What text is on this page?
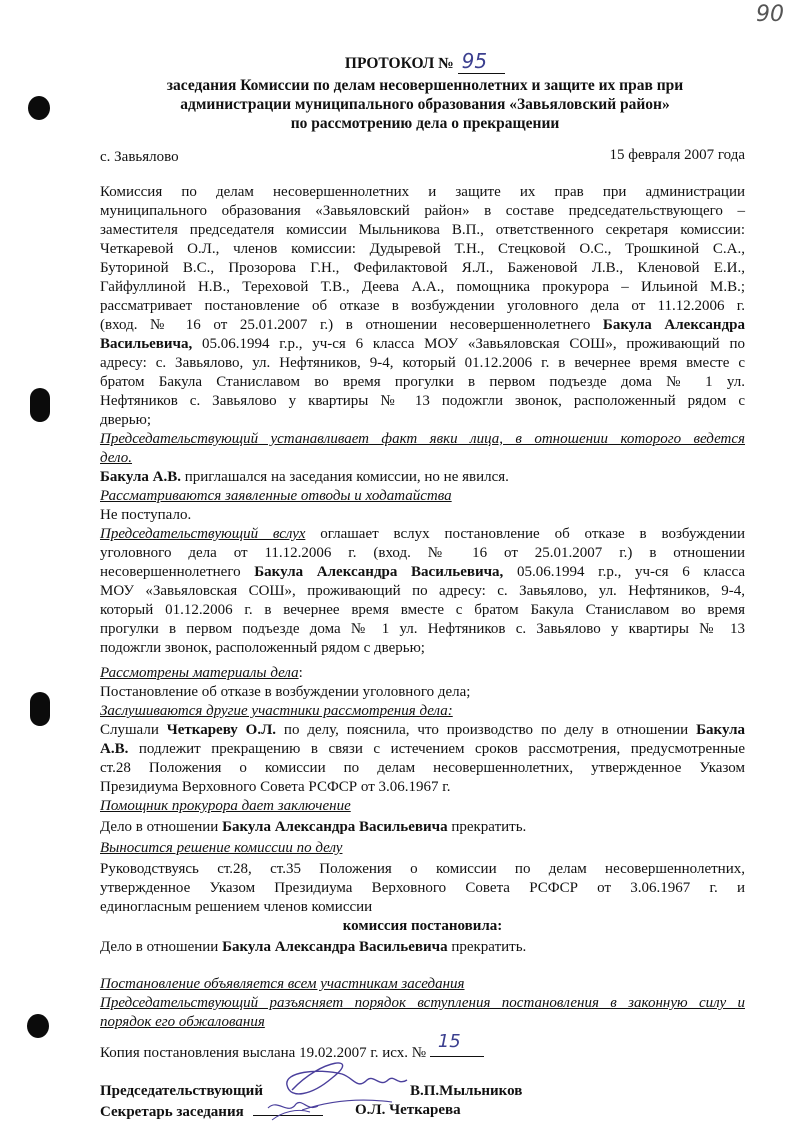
90
ПРОТОКОЛ № 95
заседания Комиссии по делам несовершеннолетних и защите их прав при
администрации муниципального образования «Завьяловский район»
по рассмотрению дела о прекращении
с. Завьялово	15 февраля 2007 года
Комиссия по делам несовершеннолетних и защите их прав при администрации
муниципального образования «Завьяловский район» в составе председательствующего –
заместителя председателя комиссии Мыльникова В.П., ответственного секретаря комиссии:
Четкаревой О.Л., членов комиссии: Дудыревой Т.Н., Стецковой О.С., Трошкиной С.А.,
Буториной В.С., Прозорова Г.Н., Фефилактовой Я.Л., Баженовой Л.В., Кленовой Е.И.,
Гайфуллиной Н.В., Тереховой Т.В., Деева А.А., помощника прокурора – Ильиной М.В.;
рассматривает постановление об отказе в возбуждении уголовного дела от 11.12.2006 г.
(вход. № 16 от 25.01.2007 г.) в отношении несовершеннолетнего Бакула Александра
Васильевича, 05.06.1994 г.р., уч-ся 6 класса МОУ «Завьяловская СОШ», проживающий по
адресу: с. Завьялово, ул. Нефтяников, 9-4, который 01.12.2006 г. в вечернее время вместе с
братом Бакула Станиславом во время прогулки в первом подъезде дома № 1 ул.
Нефтяников с. Завьялово у квартиры № 13 подожгли звонок, расположенный рядом с
дверью;
Председательствующий устанавливает факт явки лица, в отношении которого ведется
дело.
Бакула А.В. приглашался на заседания комиссии, но не явился.
Рассматриваются заявленные отводы и ходатайства
Не поступало.
Председательствующий вслух оглашает вслух постановление об отказе в возбуждении
уголовного дела от 11.12.2006 г. (вход. № 16 от 25.01.2007 г.) в отношении
несовершеннолетнего Бакула Александра Васильевича, 05.06.1994 г.р., уч-ся 6 класса
МОУ «Завьяловская СОШ», проживающий по адресу: с. Завьялово, ул. Нефтяников, 9-4,
который 01.12.2006 г. в вечернее время вместе с братом Бакула Станиславом во время
прогулки в первом подъезде дома № 1 ул. Нефтяников с. Завьялово у квартиры № 13
подожгли звонок, расположенный рядом с дверью;
Рассмотрены материалы дела:
Постановление об отказе в возбуждении уголовного дела;
Заслушиваются другие участники рассмотрения дела:
Слушали Четкареву О.Л. по делу, пояснила, что производство по делу в отношении Бакула
А.В. подлежит прекращению в связи с истечением сроков рассмотрения, предусмотренные
ст.28 Положения о комиссии по делам несовершеннолетних, утвержденное Указом
Президиума Верховного Совета РСФСР от 3.06.1967 г.
Помощник прокурора дает заключение
Дело в отношении Бакула Александра Васильевича прекратить.
Выносится решение комиссии по делу
Руководствуясь ст.28, ст.35 Положения о комиссии по делам несовершеннолетних,
утвержденное Указом Президиума Верховного Совета РСФСР от 3.06.1967 г. и
единогласным решением членов комиссии
комиссия постановила:
Дело в отношении Бакула Александра Васильевича прекратить.
Постановление объявляется всем участникам заседания
Председательствующий разъясняет порядок вступления постановления в законную силу и
порядок его обжалования
Копия постановления выслана 19.02.2007 г. исх. №
15
Председательствующий	В.П.Мыльников
Секретарь заседания	О.Л. Четкарева
